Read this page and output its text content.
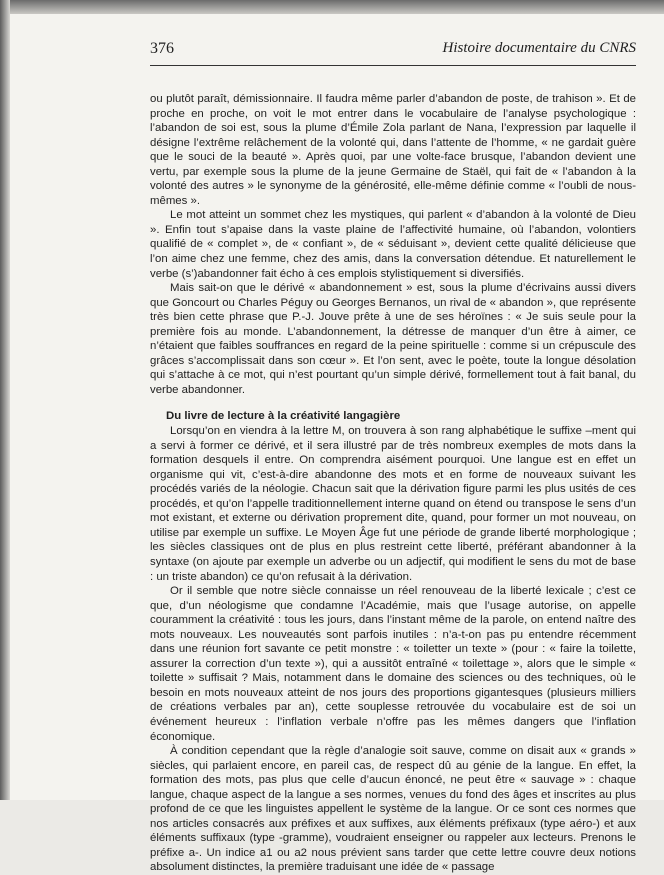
376	Histoire documentaire du CNRS

ou plutôt paraît, démissionnaire. Il faudra même parler d’abandon de poste, de trahison ». Et de proche en proche, on voit le mot entrer dans le vocabulaire de l’analyse psychologique : l’abandon de soi est, sous la plume d’Émile Zola parlant de Nana, l’expression par laquelle il désigne l’extrême relâchement de la volonté qui, dans l’attente de l’homme, « ne gardait guère que le souci de la beauté ». Après quoi, par une volte-face brusque, l’abandon devient une vertu, par exemple sous la plume de la jeune Germaine de Staël, qui fait de « l’abandon à la volonté des autres » le synonyme de la générosité, elle-même définie comme « l’oubli de nous-mêmes ».

Le mot atteint un sommet chez les mystiques, qui parlent « d’abandon à la volonté de Dieu ». Enfin tout s’apaise dans la vaste plaine de l’affectivité humaine, où l’abandon, volontiers qualifié de « complet », de « confiant », de « séduisant », devient cette qualité délicieuse que l’on aime chez une femme, chez des amis, dans la conversation détendue. Et naturellement le verbe (s’)abandonner fait écho à ces emplois stylistiquement si diversifiés.

Mais sait-on que le dérivé « abandonnement » est, sous la plume d’écrivains aussi divers que Goncourt ou Charles Péguy ou Georges Bernanos, un rival de « abandon », que représente très bien cette phrase que P.-J. Jouve prête à une de ses héroïnes : « Je suis seule pour la première fois au monde. L’abandonnement, la détresse de manquer d’un être à aimer, ce n’étaient que faibles souffrances en regard de la peine spirituelle : comme si un crépuscule des grâces s’accomplissait dans son cœur ». Et l’on sent, avec le poète, toute la longue désolation qui s’attache à ce mot, qui n’est pourtant qu’un simple dérivé, formellement tout à fait banal, du verbe abandonner.

Du livre de lecture à la créativité langagière

Lorsqu’on en viendra à la lettre M, on trouvera à son rang alphabétique le suffixe –ment qui a servi à former ce dérivé, et il sera illustré par de très nombreux exemples de mots dans la formation desquels il entre. On comprendra aisément pourquoi. Une langue est en effet un organisme qui vit, c’est-à-dire abandonne des mots et en forme de nouveaux suivant les procédés variés de la néologie. Chacun sait que la dérivation figure parmi les plus usités de ces procédés, et qu’on l’appelle traditionnellement interne quand on étend ou transpose le sens d’un mot existant, et externe ou dérivation proprement dite, quand, pour former un mot nouveau, on utilise par exemple un suffixe. Le Moyen Âge fut une période de grande liberté morphologique ; les siècles classiques ont de plus en plus restreint cette liberté, préférant abandonner à la syntaxe (on ajoute par exemple un adverbe ou un adjectif, qui modifient le sens du mot de base : un triste abandon) ce qu’on refusait à la dérivation.

Or il semble que notre siècle connaisse un réel renouveau de la liberté lexicale ; c’est ce que, d’un néologisme que condamne l’Académie, mais que l’usage autorise, on appelle couramment la créativité : tous les jours, dans l’instant même de la parole, on entend naître des mots nouveaux. Les nouveautés sont parfois inutiles : n’a-t-on pas pu entendre récemment dans une réunion fort savante ce petit monstre : « toiletter un texte » (pour : « faire la toilette, assurer la correction d’un texte »), qui a aussitôt entraîné « toilettage », alors que le simple « toilette » suffisait ? Mais, notamment dans le domaine des sciences ou des techniques, où le besoin en mots nouveaux atteint de nos jours des proportions gigantesques (plusieurs milliers de créations verbales par an), cette souplesse retrouvée du vocabulaire est de soi un événement heureux : l’inflation verbale n’offre pas les mêmes dangers que l’inflation économique.

À condition cependant que la règle d’analogie soit sauve, comme on disait aux « grands » siècles, qui parlaient encore, en pareil cas, de respect dû au génie de la langue. En effet, la formation des mots, pas plus que celle d’aucun énoncé, ne peut être « sauvage » : chaque langue, chaque aspect de la langue a ses normes, venues du fond des âges et inscrites au plus profond de ce que les linguistes appellent le système de la langue. Or ce sont ces normes que nos articles consacrés aux préfixes et aux suffixes, aux éléments préfixaux (type aéro-) et aux éléments suffixaux (type -gramme), voudraient enseigner ou rappeler aux lecteurs. Prenons le préfixe a-. Un indice a1 ou a2 nous prévient sans tarder que cette lettre couvre deux notions absolument distinctes, la première traduisant une idée de « passage
